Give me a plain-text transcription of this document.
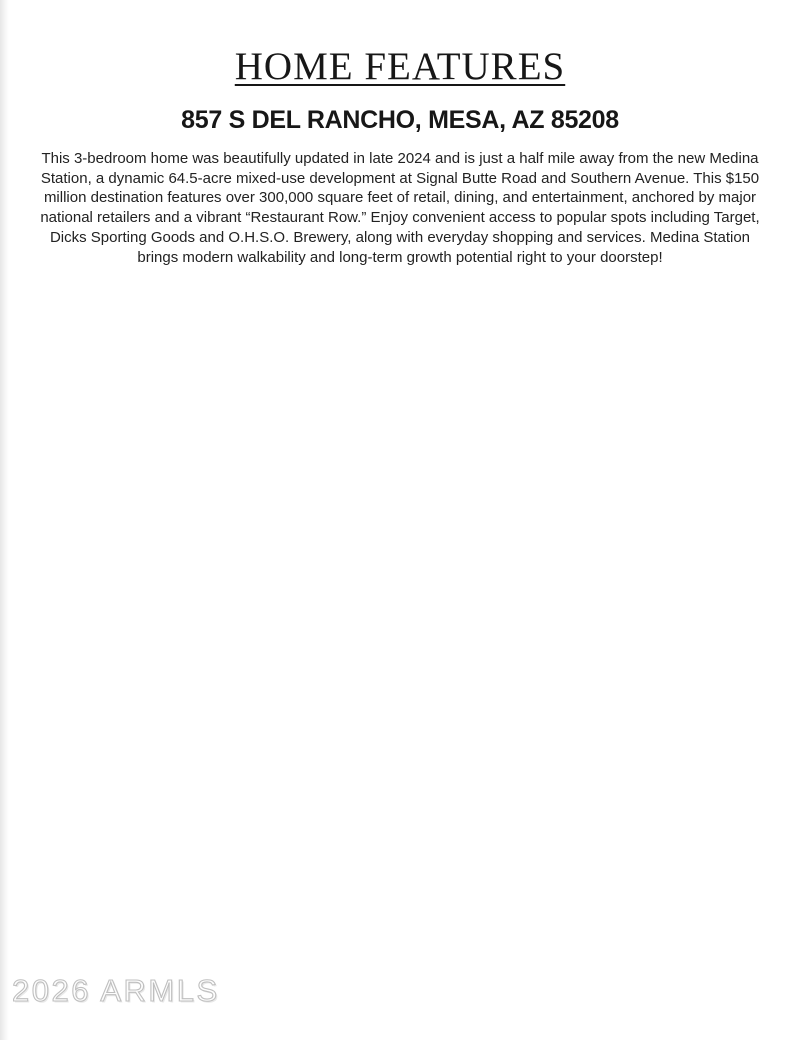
HOME FEATURES
857 S DEL RANCHO, MESA, AZ 85208

This 3-bedroom home was beautifully updated in late 2024 and is just a half mile away from the new Medina Station, a dynamic 64.5-acre mixed-use development at Signal Butte Road and Southern Avenue. This $150 million destination features over 300,000 square feet of retail, dining, and entertainment, anchored by major national retailers and a vibrant “Restaurant Row.” Enjoy convenient access to popular spots including Target, Dicks Sporting Goods and O.H.S.O. Brewery, along with everyday shopping and services. Medina Station brings modern walkability and long-term growth potential right to your doorstep!

2026 ARMLS
